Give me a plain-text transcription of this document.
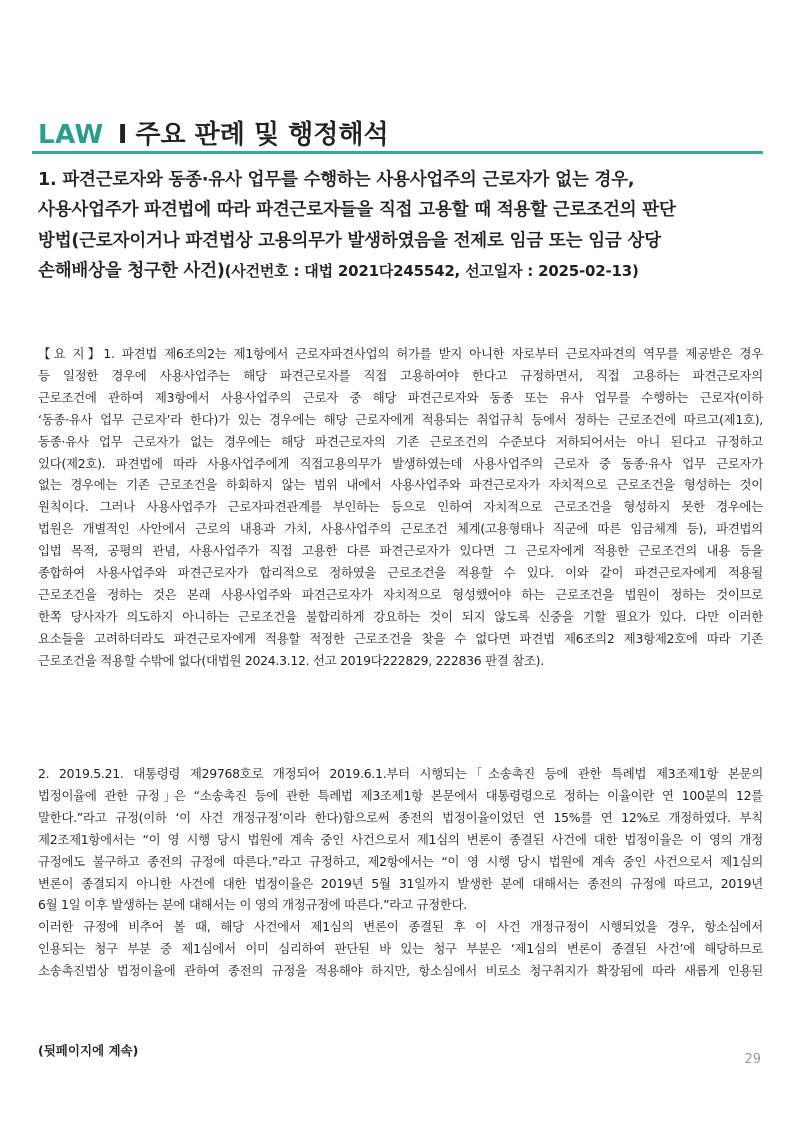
LAW I 주요 판례 및 행정해석
1. 파견근로자와 동종·유사 업무를 수행하는 사용사업주의 근로자가 없는 경우,
사용사업주가 파견법에 따라 파견근로자들을 직접 고용할 때 적용할 근로조건의 판단
방법(근로자이거나 파견법상 고용의무가 발생하였음을 전제로 임금 또는 임금 상당
손해배상을 청구한 사건)(사건번호 : 대법 2021다245542, 선고일자 : 2025-02-13)
【요 지】1. 파견법 제6조의2는 제1항에서 근로자파견사업의 허가를 받지 아니한 자로부터 근로자파견의 역무를 제공받은 경우
등 일정한 경우에 사용사업주는 해당 파견근로자를 직접 고용하여야 한다고 규정하면서, 직접 고용하는 파견근로자의
근로조건에 관하여 제3항에서 사용사업주의 근로자 중 해당 파견근로자와 동종 또는 유사 업무를 수행하는 근로자(이하
‘동종·유사 업무 근로자’라 한다)가 있는 경우에는 해당 근로자에게 적용되는 취업규칙 등에서 정하는 근로조건에 따르고(제1호),
동종·유사 업무 근로자가 없는 경우에는 해당 파견근로자의 기존 근로조건의 수준보다 저하되어서는 아니 된다고 규정하고
있다(제2호). 파견법에 따라 사용사업주에게 직접고용의무가 발생하였는데 사용사업주의 근로자 중 동종·유사 업무 근로자가
없는 경우에는 기존 근로조건을 하회하지 않는 범위 내에서 사용사업주와 파견근로자가 자치적으로 근로조건을 형성하는 것이
원칙이다. 그러나 사용사업주가 근로자파견관계를 부인하는 등으로 인하여 자치적으로 근로조건을 형성하지 못한 경우에는
법원은 개별적인 사안에서 근로의 내용과 가치, 사용사업주의 근로조건 체계(고용형태나 직군에 따른 임금체계 등), 파견법의
입법 목적, 공평의 관념, 사용사업주가 직접 고용한 다른 파견근로자가 있다면 그 근로자에게 적용한 근로조건의 내용 등을
종합하여 사용사업주와 파견근로자가 합리적으로 정하였을 근로조건을 적용할 수 있다. 이와 같이 파견근로자에게 적용될
근로조건을 정하는 것은 본래 사용사업주와 파견근로자가 자치적으로 형성했어야 하는 근로조건을 법원이 정하는 것이므로
한쪽 당사자가 의도하지 아니하는 근로조건을 불합리하게 강요하는 것이 되지 않도록 신중을 기할 필요가 있다. 다만 이러한
요소들을 고려하더라도 파견근로자에게 적용할 적정한 근로조건을 찾을 수 없다면 파견법 제6조의2 제3항제2호에 따라 기존
근로조건을 적용할 수밖에 없다(대법원 2024.3.12. 선고 2019다222829, 222836 판결 참조).
2. 2019.5.21. 대통령령 제29768호로 개정되어 2019.6.1.부터 시행되는 ｢소송촉진 등에 관한 특례법 제3조제1항 본문의
법정이율에 관한 규정｣은 “소송촉진 등에 관한 특례법 제3조제1항 본문에서 대통령령으로 정하는 이율이란 연 100분의 12를
말한다.”라고 규정(이하 ‘이 사건 개정규정’이라 한다)함으로써 종전의 법정이율이었던 연 15%를 연 12%로 개정하였다. 부칙
제2조제1항에서는 “이 영 시행 당시 법원에 계속 중인 사건으로서 제1심의 변론이 종결된 사건에 대한 법정이율은 이 영의 개정
규정에도 불구하고 종전의 규정에 따른다.”라고 규정하고, 제2항에서는 “이 영 시행 당시 법원에 계속 중인 사건으로서 제1심의
변론이 종결되지 아니한 사건에 대한 법정이율은 2019년 5월 31일까지 발생한 분에 대해서는 종전의 규정에 따르고, 2019년
6월 1일 이후 발생하는 분에 대해서는 이 영의 개정규정에 따른다.”라고 규정한다.
이러한 규정에 비추어 볼 때, 해당 사건에서 제1심의 변론이 종결된 후 이 사건 개정규정이 시행되었을 경우, 항소심에서
인용되는 청구 부분 중 제1심에서 이미 심리하여 판단된 바 있는 청구 부분은 ‘제1심의 변론이 종결된 사건’에 해당하므로
소송촉진법상 법정이율에 관하여 종전의 규정을 적용해야 하지만, 항소심에서 비로소 청구취지가 확장됨에 따라 새롭게 인용된
(뒷페이지에 계속)
29
